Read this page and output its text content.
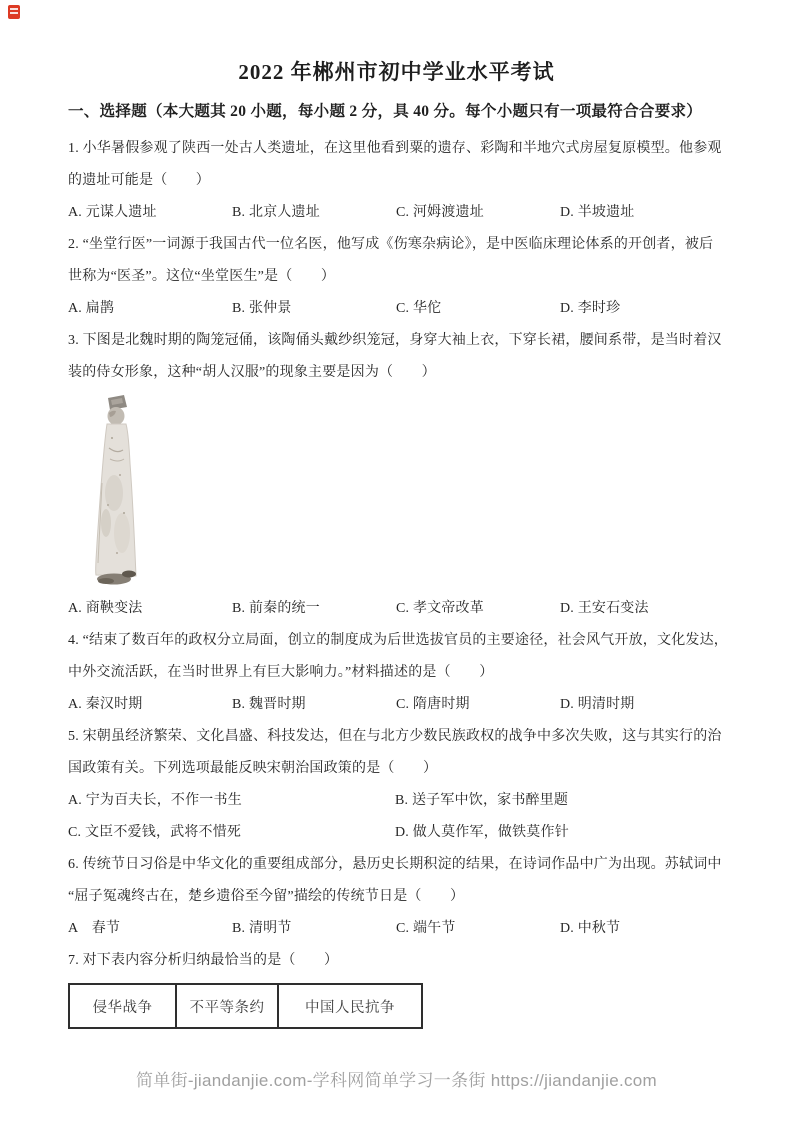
2022 年郴州市初中学业水平考试
一、选择题（本大题其 20 小题，每小题 2 分，具 40 分。每个小题只有一项最符合合要求）
1. 小华暑假参观了陕西一处古人类遗址，在这里他看到粟的遗存、彩陶和半地穴式房屋复原模型。他参观
的遗址可能是（　　）
A. 元谋人遗址	B. 北京人遗址	C. 河姆渡遗址	D. 半坡遗址
2. “坐堂行医”一词源于我国古代一位名医，他写成《伤寒杂病论》，是中医临床理论体系的开创者，被后
世称为“医圣”。这位“坐堂医生”是（　　）
A. 扁鹊	B. 张仲景	C. 华佗	D. 李时珍
3. 下图是北魏时期的陶笼冠俑，该陶俑头戴纱织笼冠，身穿大袖上衣，下穿长裙，腰间系带，是当时着汉
装的侍女形象，这种“胡人汉服”的现象主要是因为（　　）
A. 商鞅变法	B. 前秦的统一	C. 孝文帝改革	D. 王安石变法
4. “结束了数百年的政权分立局面，创立的制度成为后世选拔官员的主要途径，社会风气开放，文化发达，
中外交流活跃，在当时世界上有巨大影响力。”材料描述的是（　　）
A. 秦汉时期	B. 魏晋时期	C. 隋唐时期	D. 明清时期
5. 宋朝虽经济繁荣、文化昌盛、科技发达，但在与北方少数民族政权的战争中多次失败，这与其实行的治
国政策有关。下列选项最能反映宋朝治国政策的是（　　）
A. 宁为百夫长，不作一书生	B. 送子军中饮，家书醉里题
C. 文臣不爱钱，武将不惜死	D. 做人莫作军，做铁莫作针
6. 传统节日习俗是中华文化的重要组成部分，悬历史长期积淀的结果，在诗词作品中广为出现。苏轼词中
“屈子冤魂终古在，楚乡遗俗至今留”描绘的传统节日是（　　）
A　春节	B. 清明节	C. 端午节	D. 中秋节
7. 对下表内容分析归纳最恰当的是（　　）
侵华战争	不平等条约	中国人民抗争
简单街-jiandanjie.com-学科网简单学习一条街 https://jiandanjie.com
